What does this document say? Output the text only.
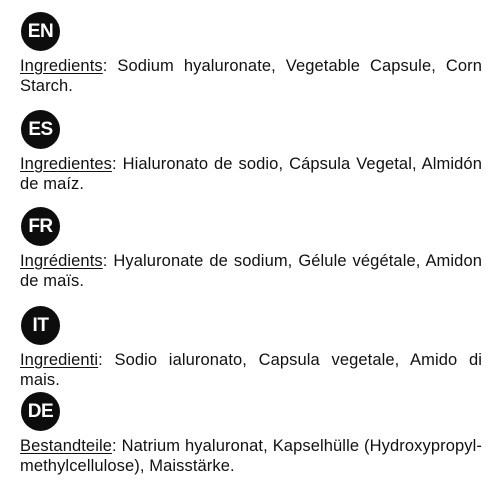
EN
Ingredients: Sodium hyaluronate, Vegetable Capsule, Corn Starch.
ES
Ingredientes: Hialuronato de sodio, Cápsula Vegetal, Almidón de maíz.
FR
Ingrédients: Hyaluronate de sodium, Gélule végétale, Amidon de maïs.
IT
Ingredienti: Sodio ialuronato, Capsula vegetale, Amido di mais.
DE
Bestandteile: Natrium hyaluronat, Kapselhülle (Hydroxypropyl-methylcellulose), Maisstärke.
